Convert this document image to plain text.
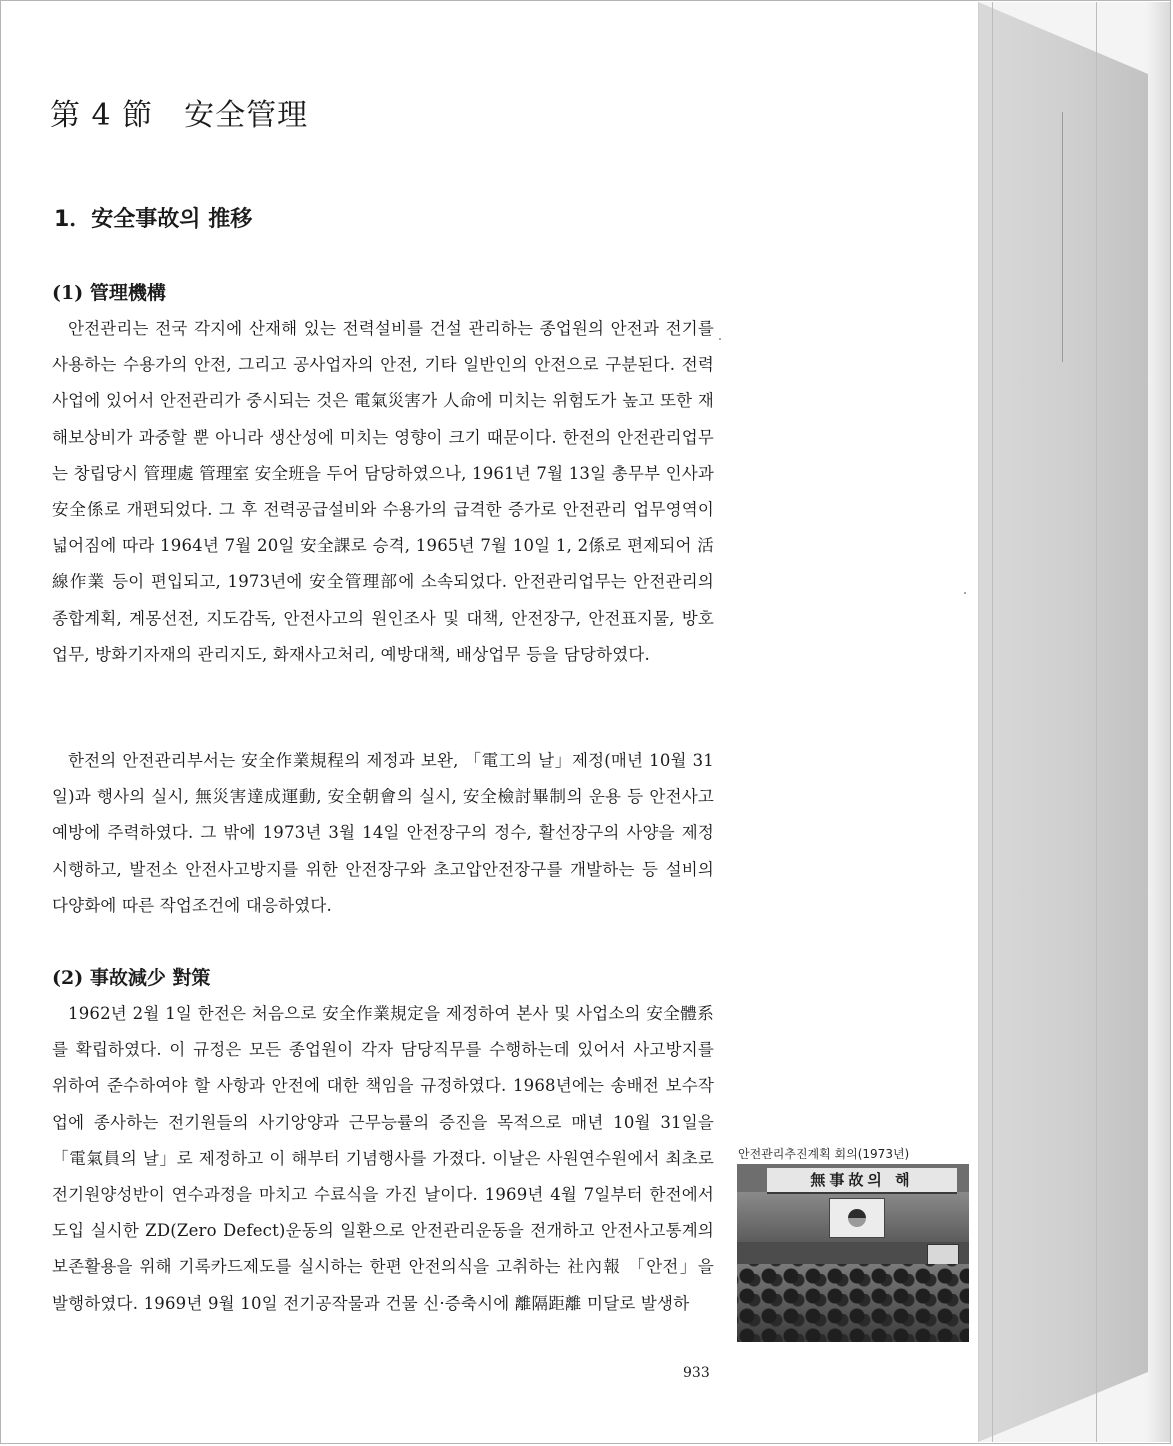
第 4 節　安全管理
1．安全事故의 推移
(1) 管理機構

안전관리는 전국 각지에 산재해 있는 전력설비를 건설 관리하는 종업원의 안전과 전기를 사용하는 수용가의 안전, 그리고 공사업자의 안전, 기타 일반인의 안전으로 구분된다. 전력사업에 있어서 안전관리가 중시되는 것은 電氣災害가 人命에 미치는 위험도가 높고 또한 재해보상비가 과중할 뿐 아니라 생산성에 미치는 영향이 크기 때문이다. 한전의 안전관리업무는 창립당시 管理處 管理室 安全班을 두어 담당하였으나, 1961년 7월 13일 총무부 인사과 安全係로 개편되었다. 그 후 전력공급설비와 수용가의 급격한 증가로 안전관리 업무영역이 넓어짐에 따라 1964년 7월 20일 安全課로 승격, 1965년 7월 10일 1, 2係로 편제되어 活線作業 등이 편입되고, 1973년에 安全管理部에 소속되었다. 안전관리업무는 안전관리의 종합계획, 계몽선전, 지도감독, 안전사고의 원인조사 및 대책, 안전장구, 안전표지물, 방호업무, 방화기자재의 관리지도, 화재사고처리, 예방대책, 배상업무 등을 담당하였다.

한전의 안전관리부서는 安全作業規程의 제정과 보완, 「電工의 날」제정(매년 10월 31일)과 행사의 실시, 無災害達成運動, 安全朝會의 실시, 安全檢討畢制의 운용 등 안전사고예방에 주력하였다. 그 밖에 1973년 3월 14일 안전장구의 정수, 활선장구의 사양을 제정 시행하고, 발전소 안전사고방지를 위한 안전장구와 초고압안전장구를 개발하는 등 설비의 다양화에 따른 작업조건에 대응하였다.

(2) 事故減少 對策

1962년 2월 1일 한전은 처음으로 安全作業規定을 제정하여 본사 및 사업소의 安全體系를 확립하였다. 이 규정은 모든 종업원이 각자 담당직무를 수행하는데 있어서 사고방지를 위하여 준수하여야 할 사항과 안전에 대한 책임을 규정하였다. 1968년에는 송배전 보수작업에 종사하는 전기원들의 사기앙양과 근무능률의 증진을 목적으로 매년 10월 31일을 「電氣員의 날」로 제정하고 이 해부터 기념행사를 가졌다. 이날은 사원연수원에서 최초로 전기원양성반이 연수과정을 마치고 수료식을 가진 날이다. 1969년 4월 7일부터 한전에서 도입 실시한 ZD(Zero Defect)운동의 일환으로 안전관리운동을 전개하고 안전사고통계의 보존활용을 위해 기록카드제도를 실시하는 한편 안전의식을 고취하는 社內報 「안전」을 발행하였다. 1969년 9월 10일 전기공작물과 건물 신·증축시에 離隔距離 미달로 발생하

안전관리추진계획 회의(1973년)
無事故의 해

933
